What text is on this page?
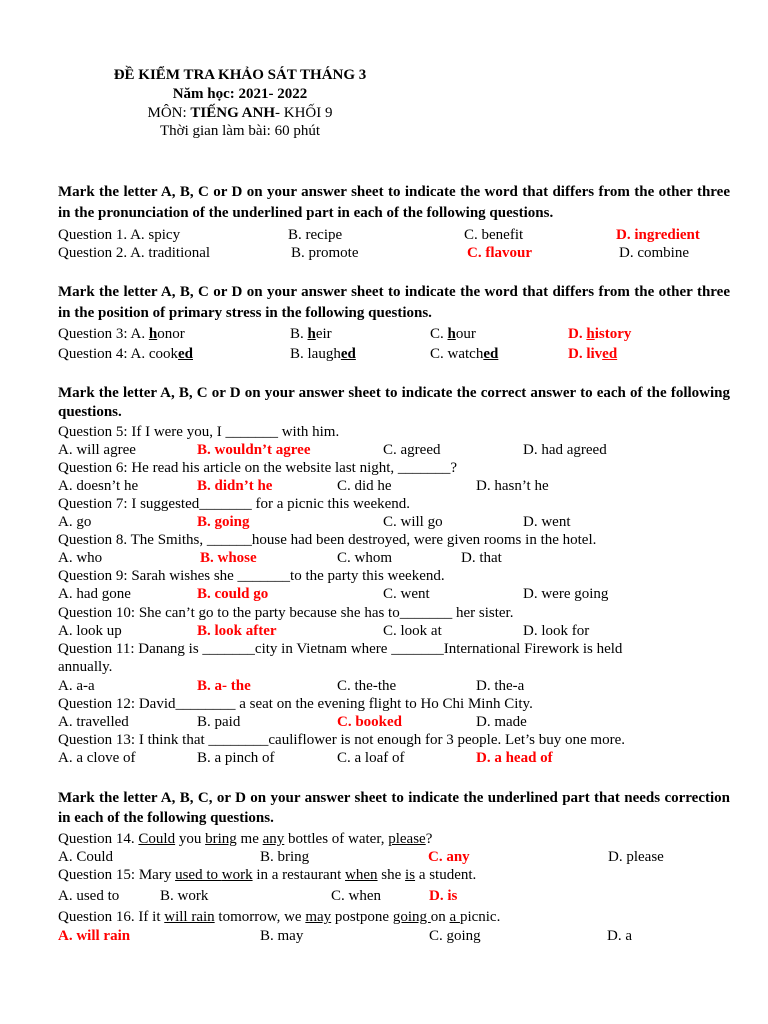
ĐỀ KIỂM TRA KHẢO SÁT THÁNG 3
Năm học: 2021- 2022
MÔN: TIẾNG ANH- KHỐI 9
Thời gian làm bài: 60 phút
Mark the letter A, B, C or D on your answer sheet to indicate the word that differs from the other three in the pronunciation of the underlined part in each of the following questions.
Question 1. A. spicy	B. recipe	C. benefit	D. ingredient
Question 2. A. traditional	B. promote	C. flavour	D. combine
Mark the letter A, B, C or D on your answer sheet to indicate the word that differs from the other three in the position of primary stress in the following questions.
Question 3: A. honor	B. heir	C. hour	D. history
Question 4: A. cooked	B. laughed	C. watched	D. lived
Mark the letter A, B, C or D on your answer sheet to indicate the correct answer to each of the following questions.
Question 5: If I were you, I _______ with him.
A. will agree	B. wouldn’t agree	C. agreed	D. had agreed
Question 6: He read his article on the website last night, _______?
A. doesn’t he	B. didn’t he	C. did he	D. hasn’t he
Question 7: I suggested_______ for a picnic this weekend.
A. go	B. going	C. will go	D. went
Question 8. The Smiths, ______house had been destroyed, were given rooms in the hotel.
A. who	B. whose	C. whom	D. that
Question 9: Sarah wishes she _______to the party this weekend.
A. had gone	B. could go	C. went	D. were going
Question 10: She can’t go to the party because she has to_______ her sister.
A. look up	B. look after	C. look at	D. look for
Question 11: Danang is _______city in Vietnam where _______International Firework is held
annually.
A. a-a	B. a- the	C. the-the	D. the-a
Question 12: David________ a seat on the evening flight to Ho Chi Minh City.
A. travelled	B. paid	C. booked	D. made
Question 13: I think that ________cauliflower is not enough for 3 people. Let’s buy one more.
A. a clove of	B. a pinch of	C. a loaf of	D. a head of
Mark the letter A, B, C, or D on your answer sheet to indicate the underlined part that needs correction in each of the following questions.
Question 14. Could you bring me any bottles of water, please?
A. Could	B. bring	C. any	D. please
Question 15: Mary used to work in a restaurant when she is a student.
A. used to	B. work	C. when	D. is
Question 16. If it will rain tomorrow, we may postpone going on a picnic.
A. will rain	B. may	C. going	D. a
